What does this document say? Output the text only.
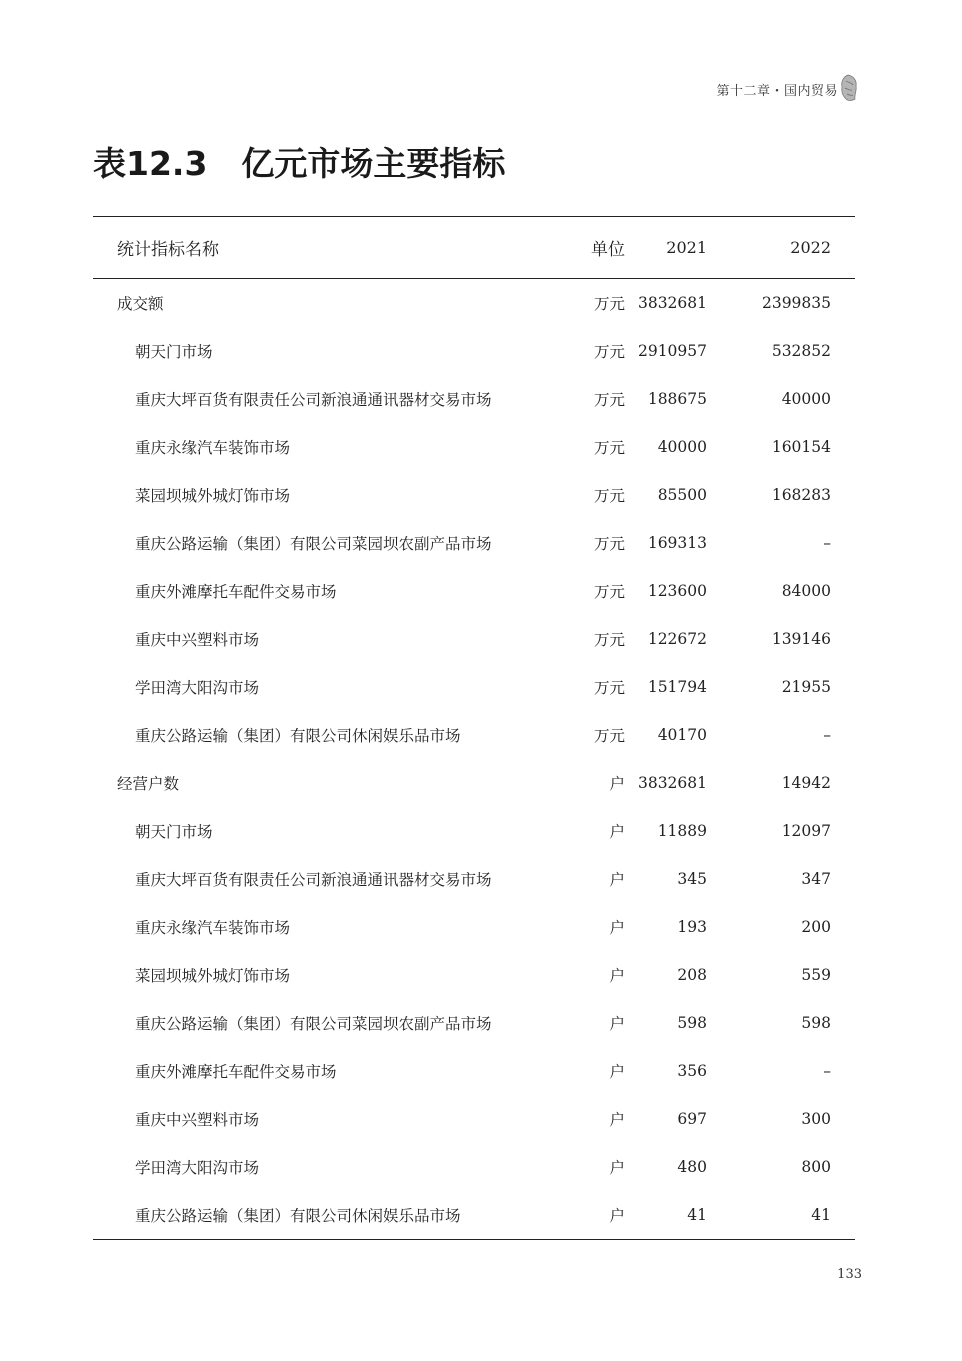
第十二章・国内贸易
表12.3 亿元市场主要指标
统计指标名称	单位	2021	2022
成交额	万元	3832681	2399835
朝天门市场	万元	2910957	532852
重庆大坪百货有限责任公司新浪通通讯器材交易市场	万元	188675	40000
重庆永缘汽车装饰市场	万元	40000	160154
菜园坝城外城灯饰市场	万元	85500	168283
重庆公路运输（集团）有限公司菜园坝农副产品市场	万元	169313	–
重庆外滩摩托车配件交易市场	万元	123600	84000
重庆中兴塑料市场	万元	122672	139146
学田湾大阳沟市场	万元	151794	21955
重庆公路运输（集团）有限公司休闲娱乐品市场	万元	40170	–
经营户数	户	3832681	14942
朝天门市场	户	11889	12097
重庆大坪百货有限责任公司新浪通通讯器材交易市场	户	345	347
重庆永缘汽车装饰市场	户	193	200
菜园坝城外城灯饰市场	户	208	559
重庆公路运输（集团）有限公司菜园坝农副产品市场	户	598	598
重庆外滩摩托车配件交易市场	户	356	–
重庆中兴塑料市场	户	697	300
学田湾大阳沟市场	户	480	800
重庆公路运输（集团）有限公司休闲娱乐品市场	户	41	41
133
